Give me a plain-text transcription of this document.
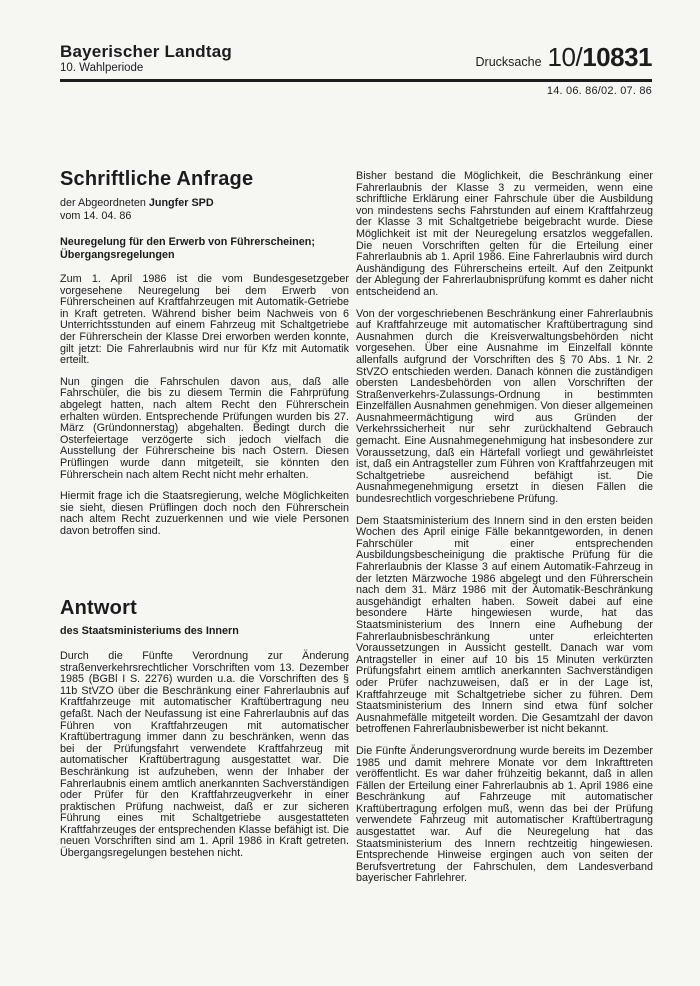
Bayerischer Landtag
10. Wahlperiode	Drucksache 10/10831
14. 06. 86/02. 07. 86
Schriftliche Anfrage
der Abgeordneten Jungfer SPD
vom 14. 04. 86
Neuregelung für den Erwerb von Führerscheinen; Übergangsregelungen

Zum 1. April 1986 ist die vom Bundesgesetzgeber vorgesehene Neuregelung bei dem Erwerb von Führerscheinen auf Kraftfahrzeugen mit Automatik-Getriebe in Kraft getreten. Während bisher beim Nachweis von 6 Unterrichtsstunden auf einem Fahrzeug mit Schaltgetriebe der Führerschein der Klasse Drei erworben werden konnte, gilt jetzt: Die Fahrerlaubnis wird nur für Kfz mit Automatik erteilt.

Nun gingen die Fahrschulen davon aus, daß alle Fahrschüler, die bis zu diesem Termin die Fahrprüfung abgelegt hatten, nach altem Recht den Führerschein erhalten würden. Entsprechende Prüfungen wurden bis 27. März (Gründonnerstag) abgehalten. Bedingt durch die Osterfeiertage verzögerte sich jedoch vielfach die Ausstellung der Führerscheine bis nach Ostern. Diesen Prüflingen wurde dann mitgeteilt, sie könnten den Führerschein nach altem Recht nicht mehr erhalten.

Hiermit frage ich die Staatsregierung, welche Möglichkeiten sie sieht, diesen Prüflingen doch noch den Führerschein nach altem Recht zuzuerkennen und wie viele Personen davon betroffen sind.

Antwort
des Staatsministeriums des Innern

Durch die Fünfte Verordnung zur Änderung straßenverkehrsrechtlicher Vorschriften vom 13. Dezember 1985 (BGBl I S. 2276) wurden u.a. die Vorschriften des § 11b StVZO über die Beschränkung einer Fahrerlaubnis auf Kraftfahrzeuge mit automatischer Kraftübertragung neu gefaßt. Nach der Neufassung ist eine Fahrerlaubnis auf das Führen von Kraftfahrzeugen mit automatischer Kraftübertragung immer dann zu beschränken, wenn das bei der Prüfungsfahrt verwendete Kraftfahrzeug mit automatischer Kraftübertragung ausgestattet war. Die Beschränkung ist aufzuheben, wenn der Inhaber der Fahrerlaubnis einem amtlich anerkannten Sachverständigen oder Prüfer für den Kraftfahrzeugverkehr in einer praktischen Prüfung nachweist, daß er zur sicheren Führung eines mit Schaltgetriebe ausgestatteten Kraftfahrzeuges der entsprechenden Klasse befähigt ist. Die neuen Vorschriften sind am 1. April 1986 in Kraft getreten. Übergangsregelungen bestehen nicht.

Bisher bestand die Möglichkeit, die Beschränkung einer Fahrerlaubnis der Klasse 3 zu vermeiden, wenn eine schriftliche Erklärung einer Fahrschule über die Ausbildung von mindestens sechs Fahrstunden auf einem Kraftfahrzeug der Klasse 3 mit Schaltgetriebe beigebracht wurde. Diese Möglichkeit ist mit der Neuregelung ersatzlos weggefallen. Die neuen Vorschriften gelten für die Erteilung einer Fahrerlaubnis ab 1. April 1986. Eine Fahrerlaubnis wird durch Aushändigung des Führerscheins erteilt. Auf den Zeitpunkt der Ablegung der Fahrerlaubnisprüfung kommt es daher nicht entscheidend an.

Von der vorgeschriebenen Beschränkung einer Fahrerlaubnis auf Kraftfahrzeuge mit automatischer Kraftübertragung sind Ausnahmen durch die Kreisverwaltungsbehörden nicht vorgesehen. Über eine Ausnahme im Einzelfall könnte allenfalls aufgrund der Vorschriften des § 70 Abs. 1 Nr. 2 StVZO entschieden werden. Danach können die zuständigen obersten Landesbehörden von allen Vorschriften der Straßenverkehrs-Zulassungs-Ordnung in bestimmten Einzelfällen Ausnahmen genehmigen. Von dieser allgemeinen Ausnahmeermächtigung wird aus Gründen der Verkehrssicherheit nur sehr zurückhaltend Gebrauch gemacht. Eine Ausnahmegenehmigung hat insbesondere zur Voraussetzung, daß ein Härtefall vorliegt und gewährleistet ist, daß ein Antragsteller zum Führen von Kraftfahrzeugen mit Schaltgetriebe ausreichend befähigt ist. Die Ausnahmegenehmigung ersetzt in diesen Fällen die bundesrechtlich vorgeschriebene Prüfung.

Dem Staatsministerium des Innern sind in den ersten beiden Wochen des April einige Fälle bekanntgeworden, in denen Fahrschüler mit einer entsprechenden Ausbildungsbescheinigung die praktische Prüfung für die Fahrerlaubnis der Klasse 3 auf einem Automatik-Fahrzeug in der letzten Märzwoche 1986 abgelegt und den Führerschein nach dem 31. März 1986 mit der Automatik-Beschränkung ausgehändigt erhalten haben. Soweit dabei auf eine besondere Härte hingewiesen wurde, hat das Staatsministerium des Innern eine Aufhebung der Fahrerlaubnisbeschränkung unter erleichterten Voraussetzungen in Aussicht gestellt. Danach war vom Antragsteller in einer auf 10 bis 15 Minuten verkürzten Prüfungsfahrt einem amtlich anerkannten Sachverständigen oder Prüfer nachzuweisen, daß er in der Lage ist, Kraftfahrzeuge mit Schaltgetriebe sicher zu führen. Dem Staatsministerium des Innern sind etwa fünf solcher Ausnahmefälle mitgeteilt worden. Die Gesamtzahl der davon betroffenen Fahrerlaubnisbewerber ist nicht bekannt.

Die Fünfte Änderungsverordnung wurde bereits im Dezember 1985 und damit mehrere Monate vor dem Inkrafttreten veröffentlicht. Es war daher frühzeitig bekannt, daß in allen Fällen der Erteilung einer Fahrerlaubnis ab 1. April 1986 eine Beschränkung auf Fahrzeuge mit automatischer Kraftübertragung erfolgen muß, wenn das bei der Prüfung verwendete Fahrzeug mit automatischer Kraftübertragung ausgestattet war. Auf die Neuregelung hat das Staatsministerium des Innern rechtzeitig hingewiesen. Entsprechende Hinweise ergingen auch von seiten der Berufsvertretung der Fahrschulen, dem Landesverband bayerischer Fahrlehrer.
